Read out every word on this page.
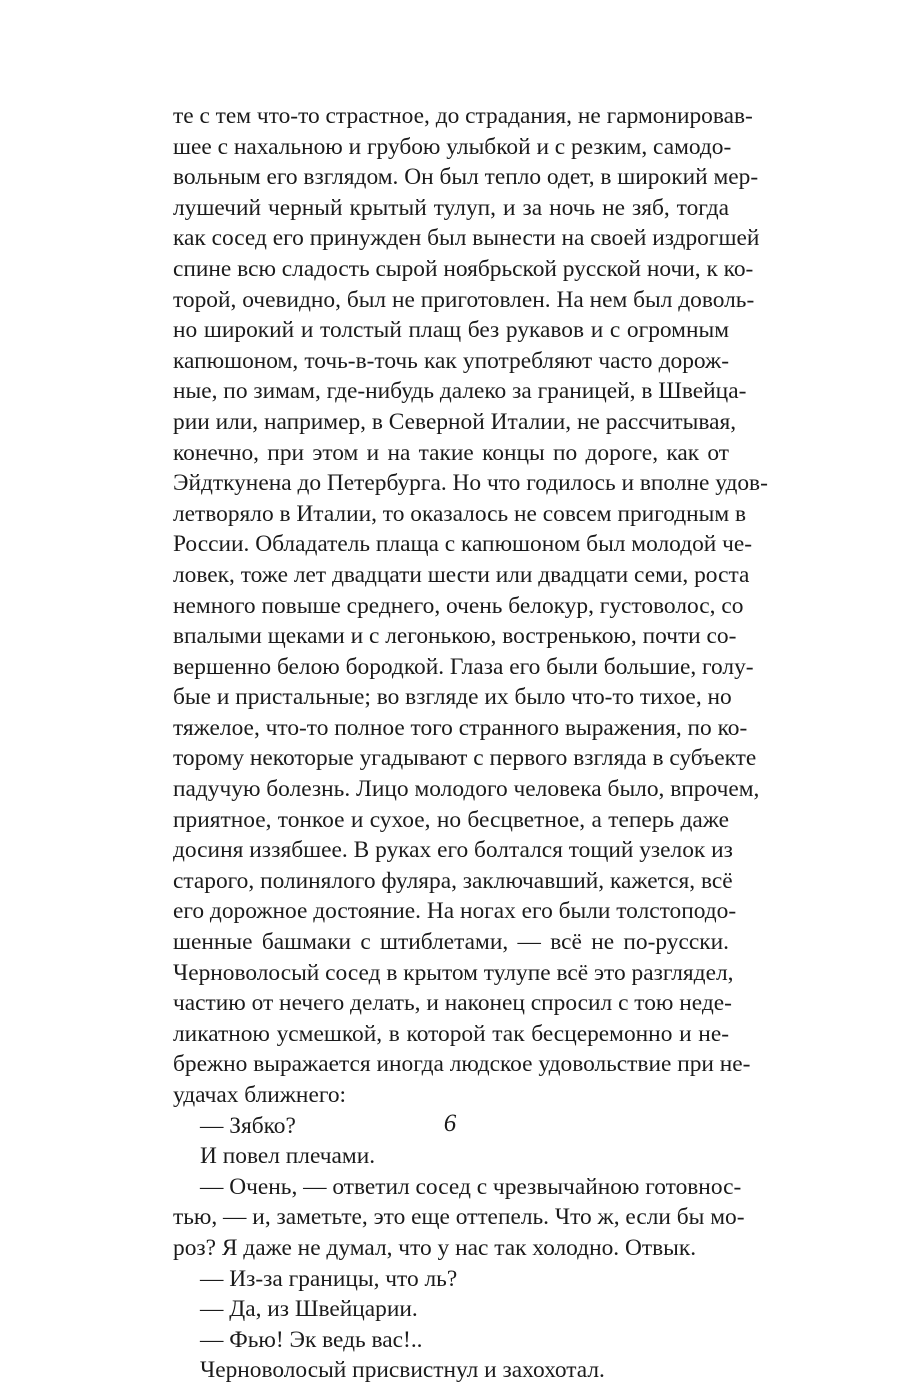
те с тем что-то страстное, до страдания, не гармонировав-
шее с нахальною и грубою улыбкой и с резким, самодо-
вольным его взглядом. Он был тепло одет, в широкий мер-
лушечий черный крытый тулуп, и за ночь не зяб, тогда
как сосед его принужден был вынести на своей издрогшей
спине всю сладость сырой ноябрьской русской ночи, к ко-
торой, очевидно, был не приготовлен. На нем был доволь-
но широкий и толстый плащ без рукавов и с огромным
капюшоном, точь-в-точь как употребляют часто дорож-
ные, по зимам, где-нибудь далеко за границей, в Швейца-
рии или, например, в Северной Италии, не рассчитывая,
конечно, при этом и на такие концы по дороге, как от
Эйдткунена до Петербурга. Но что годилось и вполне удов-
летворяло в Италии, то оказалось не совсем пригодным в
России. Обладатель плаща с капюшоном был молодой че-
ловек, тоже лет двадцати шести или двадцати семи, роста
немного повыше среднего, очень белокур, густоволос, со
впалыми щеками и с легонькою, востренькою, почти со-
вершенно белою бородкой. Глаза его были большие, голу-
бые и пристальные; во взгляде их было что-то тихое, но
тяжелое, что-то полное того странного выражения, по ко-
торому некоторые угадывают с первого взгляда в субъекте
падучую болезнь. Лицо молодого человека было, впрочем,
приятное, тонкое и сухое, но бесцветное, а теперь даже
досиня иззябшее. В руках его болтался тощий узелок из
старого, полинялого фуляра, заключавший, кажется, всё
его дорожное достояние. На ногах его были толстоподо-
шенные башмаки с штиблетами, — всё не по-русски.
Черноволосый сосед в крытом тулупе всё это разглядел,
частию от нечего делать, и наконец спросил с тою неде-
ликатною усмешкой, в которой так бесцеремонно и не-
брежно выражается иногда людское удовольствие при не-
удачах ближнего:
— Зябко?
И повел плечами.
— Очень, — ответил сосед с чрезвычайною готовнос-
тью, — и, заметьте, это еще оттепель. Что ж, если бы мо-
роз? Я даже не думал, что у нас так холодно. Отвык.
— Из-за границы, что ль?
— Да, из Швейцарии.
— Фью! Эк ведь вас!..
Черноволосый присвистнул и захохотал.
6
